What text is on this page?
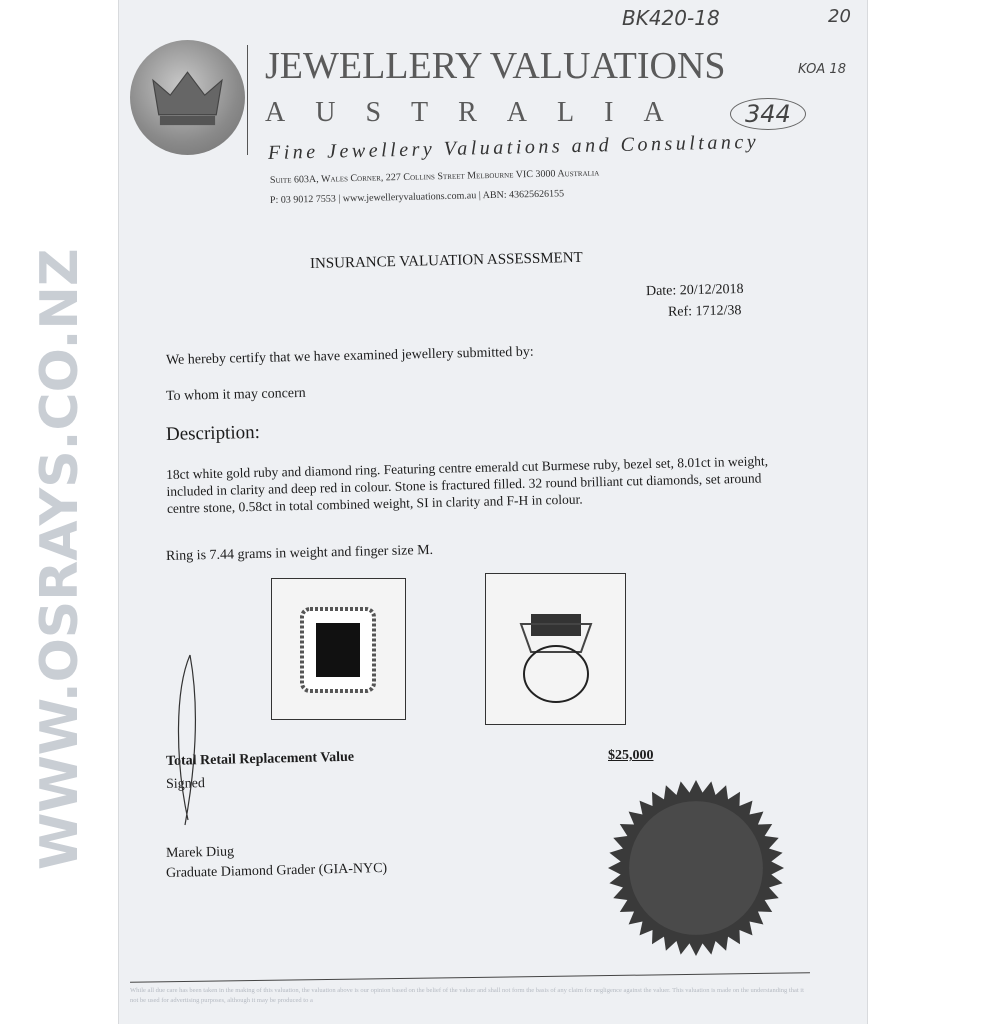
WWW.OSRAYS.CO.NZ
JEWELLERY VALUATIONS
AUSTRALIA
Fine Jewellery Valuations and Consultancy
Suite 603A, Wales Corner, 227 Collins Street Melbourne VIC 3000 Australia
P: 03 9012 7553 | www.jewelleryvaluations.com.au | ABN: 43625626155
BK420-18	20
KOA 18
344
INSURANCE VALUATION ASSESSMENT
Date: 20/12/2018
Ref: 1712/38
We hereby certify that we have examined jewellery submitted by:
To whom it may concern
Description:
18ct white gold ruby and diamond ring. Featuring centre emerald cut Burmese ruby, bezel set, 8.01ct in weight, included in clarity and deep red in colour. Stone is fractured filled. 32 round brilliant cut diamonds, set around centre stone, 0.58ct in total combined weight, SI in clarity and F-H in colour.
Ring is 7.44 grams in weight and finger size M.
Total Retail Replacement Value	$25,000
Signed
Marek Diug
Graduate Diamond Grader (GIA-NYC)
While all due care has been taken in the making of this valuation, the valuation above is our opinion based on the belief of the valuer and shall not form the basis of any claim for negligence against the valuer. This valuation is made on the understanding that it not be used for advertising purposes, although it may be produced to a
